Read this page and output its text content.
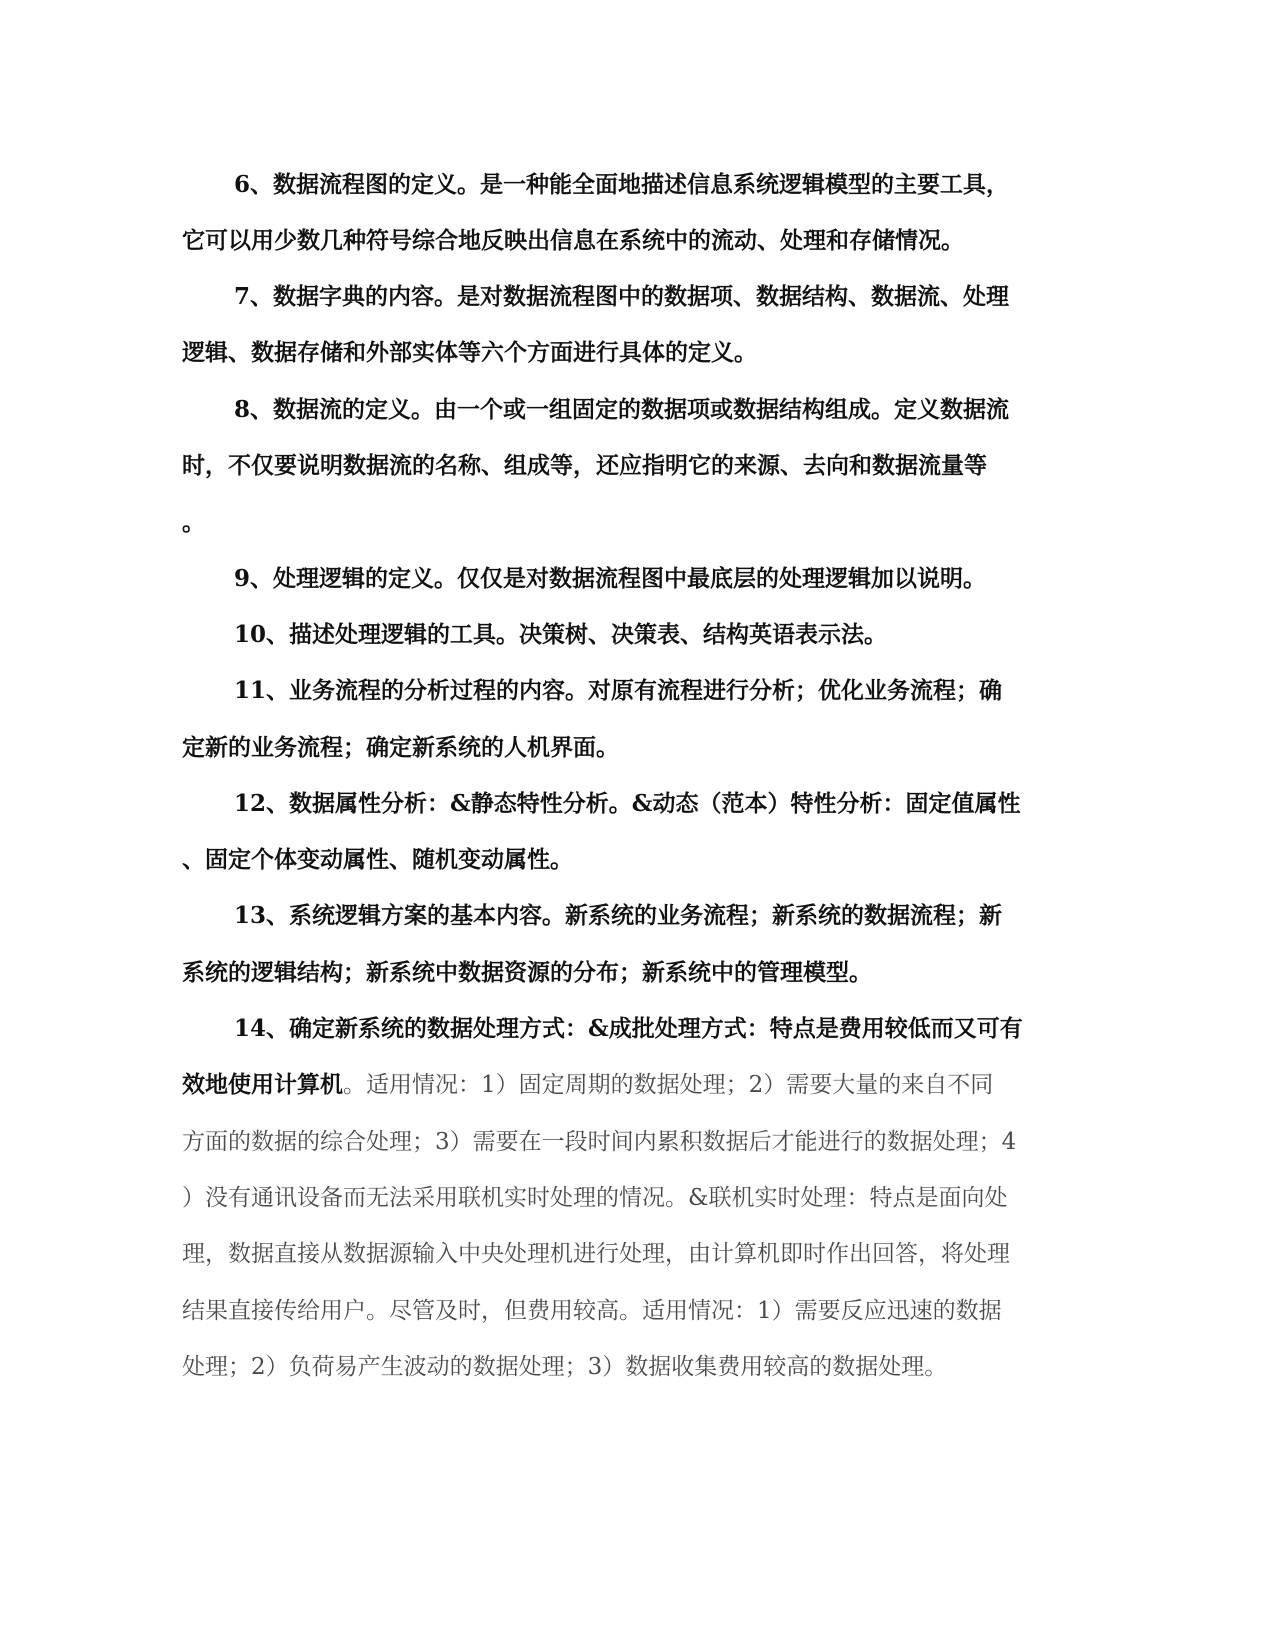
6、数据流程图的定义。是一种能全面地描述信息系统逻辑模型的主要工具，
它可以用少数几种符号综合地反映出信息在系统中的流动、处理和存储情况。
7、数据字典的内容。是对数据流程图中的数据项、数据结构、数据流、处理
逻辑、数据存储和外部实体等六个方面进行具体的定义。
8、数据流的定义。由一个或一组固定的数据项或数据结构组成。定义数据流
时，不仅要说明数据流的名称、组成等，还应指明它的来源、去向和数据流量等
。
9、处理逻辑的定义。仅仅是对数据流程图中最底层的处理逻辑加以说明。
10、描述处理逻辑的工具。决策树、决策表、结构英语表示法。
11、业务流程的分析过程的内容。对原有流程进行分析；优化业务流程；确
定新的业务流程；确定新系统的人机界面。
12、数据属性分析：&静态特性分析。&动态（范本）特性分析：固定值属性
、固定个体变动属性、随机变动属性。
13、系统逻辑方案的基本内容。新系统的业务流程；新系统的数据流程；新
系统的逻辑结构；新系统中数据资源的分布；新系统中的管理模型。
14、确定新系统的数据处理方式：&成批处理方式：特点是费用较低而又可有
效地使用计算机。适用情况：1）固定周期的数据处理；2）需要大量的来自不同
方面的数据的综合处理；3）需要在一段时间内累积数据后才能进行的数据处理；4
）没有通讯设备而无法采用联机实时处理的情况。&联机实时处理：特点是面向处
理，数据直接从数据源输入中央处理机进行处理，由计算机即时作出回答，将处理
结果直接传给用户。尽管及时，但费用较高。适用情况：1）需要反应迅速的数据
处理；2）负荷易产生波动的数据处理；3）数据收集费用较高的数据处理。
